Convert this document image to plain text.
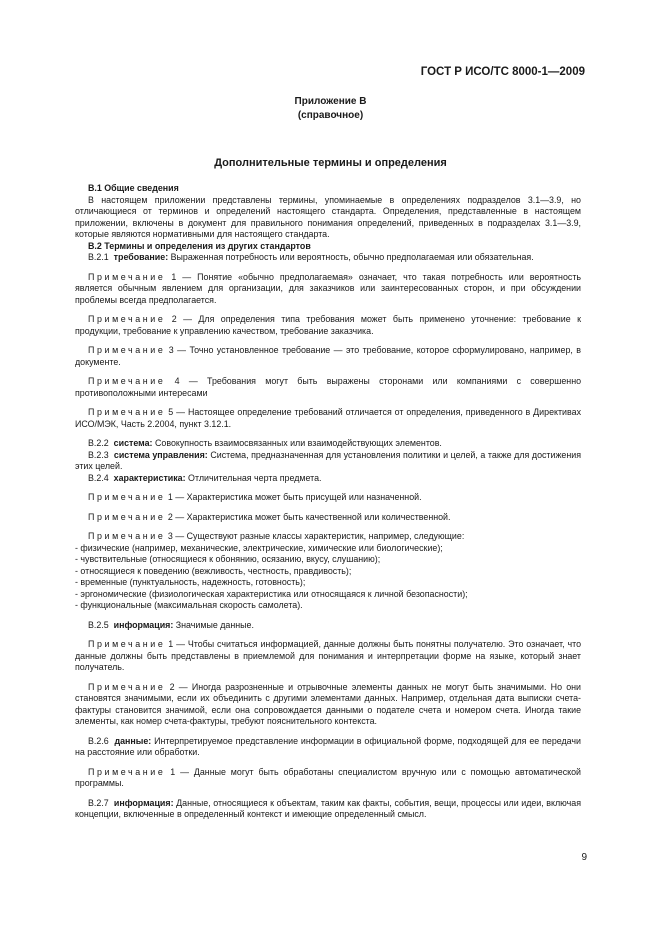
ГОСТ Р ИСО/ТС 8000-1—2009
Приложение В
(справочное)
Дополнительные термины и определения

В.1 Общие сведения

В настоящем приложении представлены термины, упоминаемые в определениях подразделов 3.1—3.9, но отличающиеся от терминов и определений настоящего стандарта. Определения, представленные в настоящем приложении, включены в документ для правильного понимания определений, приведенных в подразделах 3.1—3.9, которые являются нормативными для настоящего стандарта.

В.2 Термины и определения из других стандартов

В.2.1 требование: Выраженная потребность или вероятность, обычно предполагаемая или обязательная.

Примечание 1 — Понятие «обычно предполагаемая» означает, что такая потребность или вероятность является обычным явлением для организации, для заказчиков или заинтересованных сторон, и при обсуждении проблемы всегда предполагается.

Примечание 2 — Для определения типа требования может быть применено уточнение: требование к продукции, требование к управлению качеством, требование заказчика.

Примечание 3 — Точно установленное требование — это требование, которое сформулировано, например, в документе.

Примечание 4 — Требования могут быть выражены сторонами или компаниями с совершенно противоположными интересами

Примечание 5 — Настоящее определение требований отличается от определения, приведенного в Директивах ИСО/МЭК, Часть 2.2004, пункт 3.12.1.

В.2.2 система: Совокупность взаимосвязанных или взаимодействующих элементов.

В.2.3 система управления: Система, предназначенная для установления политики и целей, а также для достижения этих целей.

В.2.4 характеристика: Отличительная черта предмета.

Примечание 1 — Характеристика может быть присущей или назначенной.

Примечание 2 — Характеристика может быть качественной или количественной.

Примечание 3 — Существуют разные классы характеристик, например, следующие:

- физические (например, механические, электрические, химические или биологические);
- чувствительные (относящиеся к обонянию, осязанию, вкусу, слушанию);
- относящиеся к поведению (вежливость, честность, правдивость);
- временные (пунктуальность, надежность, готовность);
- эргономические (физиологическая характеристика или относящаяся к личной безопасности);
- функциональные (максимальная скорость самолета).

В.2.5 информация: Значимые данные.

Примечание 1 — Чтобы считаться информацией, данные должны быть понятны получателю. Это означает, что данные должны быть представлены в приемлемой для понимания и интерпретации форме на языке, который знает получатель.

Примечание 2 — Иногда разрозненные и отрывочные элементы данных не могут быть значимыми. Но они становятся значимыми, если их объединить с другими элементами данных. Например, отдельная дата выписки счета-фактуры становится значимой, если она сопровождается данными о подателе счета и номером счета. Иногда такие элементы, как номер счета-фактуры, требуют пояснительного контекста.

В.2.6 данные: Интерпретируемое представление информации в официальной форме, подходящей для ее передачи на расстояние или обработки.

Примечание 1 — Данные могут быть обработаны специалистом вручную или с помощью автоматической программы.

В.2.7 информация: Данные, относящиеся к объектам, таким как факты, события, вещи, процессы или идеи, включая концепции, включенные в определенный контекст и имеющие определенный смысл.

9
